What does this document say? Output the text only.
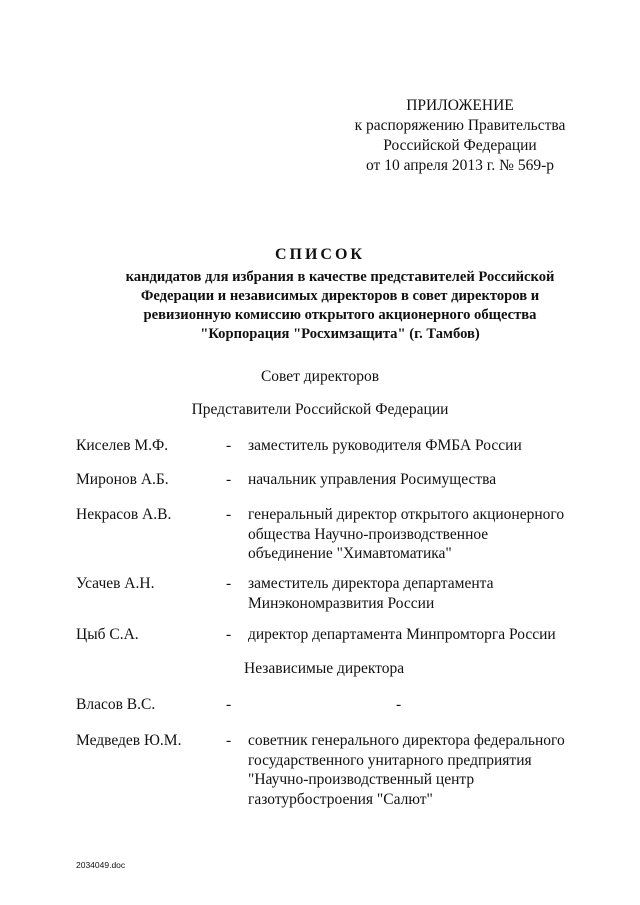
ПРИЛОЖЕНИЕ
к распоряжению Правительства
Российской Федерации
от 10 апреля 2013 г. № 569-р
СПИСОК
кандидатов для избрания в качестве представителей Российской
Федерации и независимых директоров в совет директоров и
ревизионную комиссию открытого акционерного общества
"Корпорация "Росхимзащита" (г. Тамбов)
Совет директоров
Представители Российской Федерации
Киселев М.Ф.	- заместитель руководителя ФМБА России
Миронов А.Б.	- начальник управления Росимущества
Некрасов А.В.	- генеральный директор открытого акционерного
общества Научно-производственное
объединение "Химавтоматика"
Усачев А.Н.	- заместитель директора департамента
Минэкономразвития России
Цыб С.А.	- директор департамента Минпромторга России
Независимые директора
Власов В.С.	-	-
Медведев Ю.М.	- советник генерального директора федерального
государственного унитарного предприятия
"Научно-производственный центр
газотурбостроения "Салют"
2034049.doc
